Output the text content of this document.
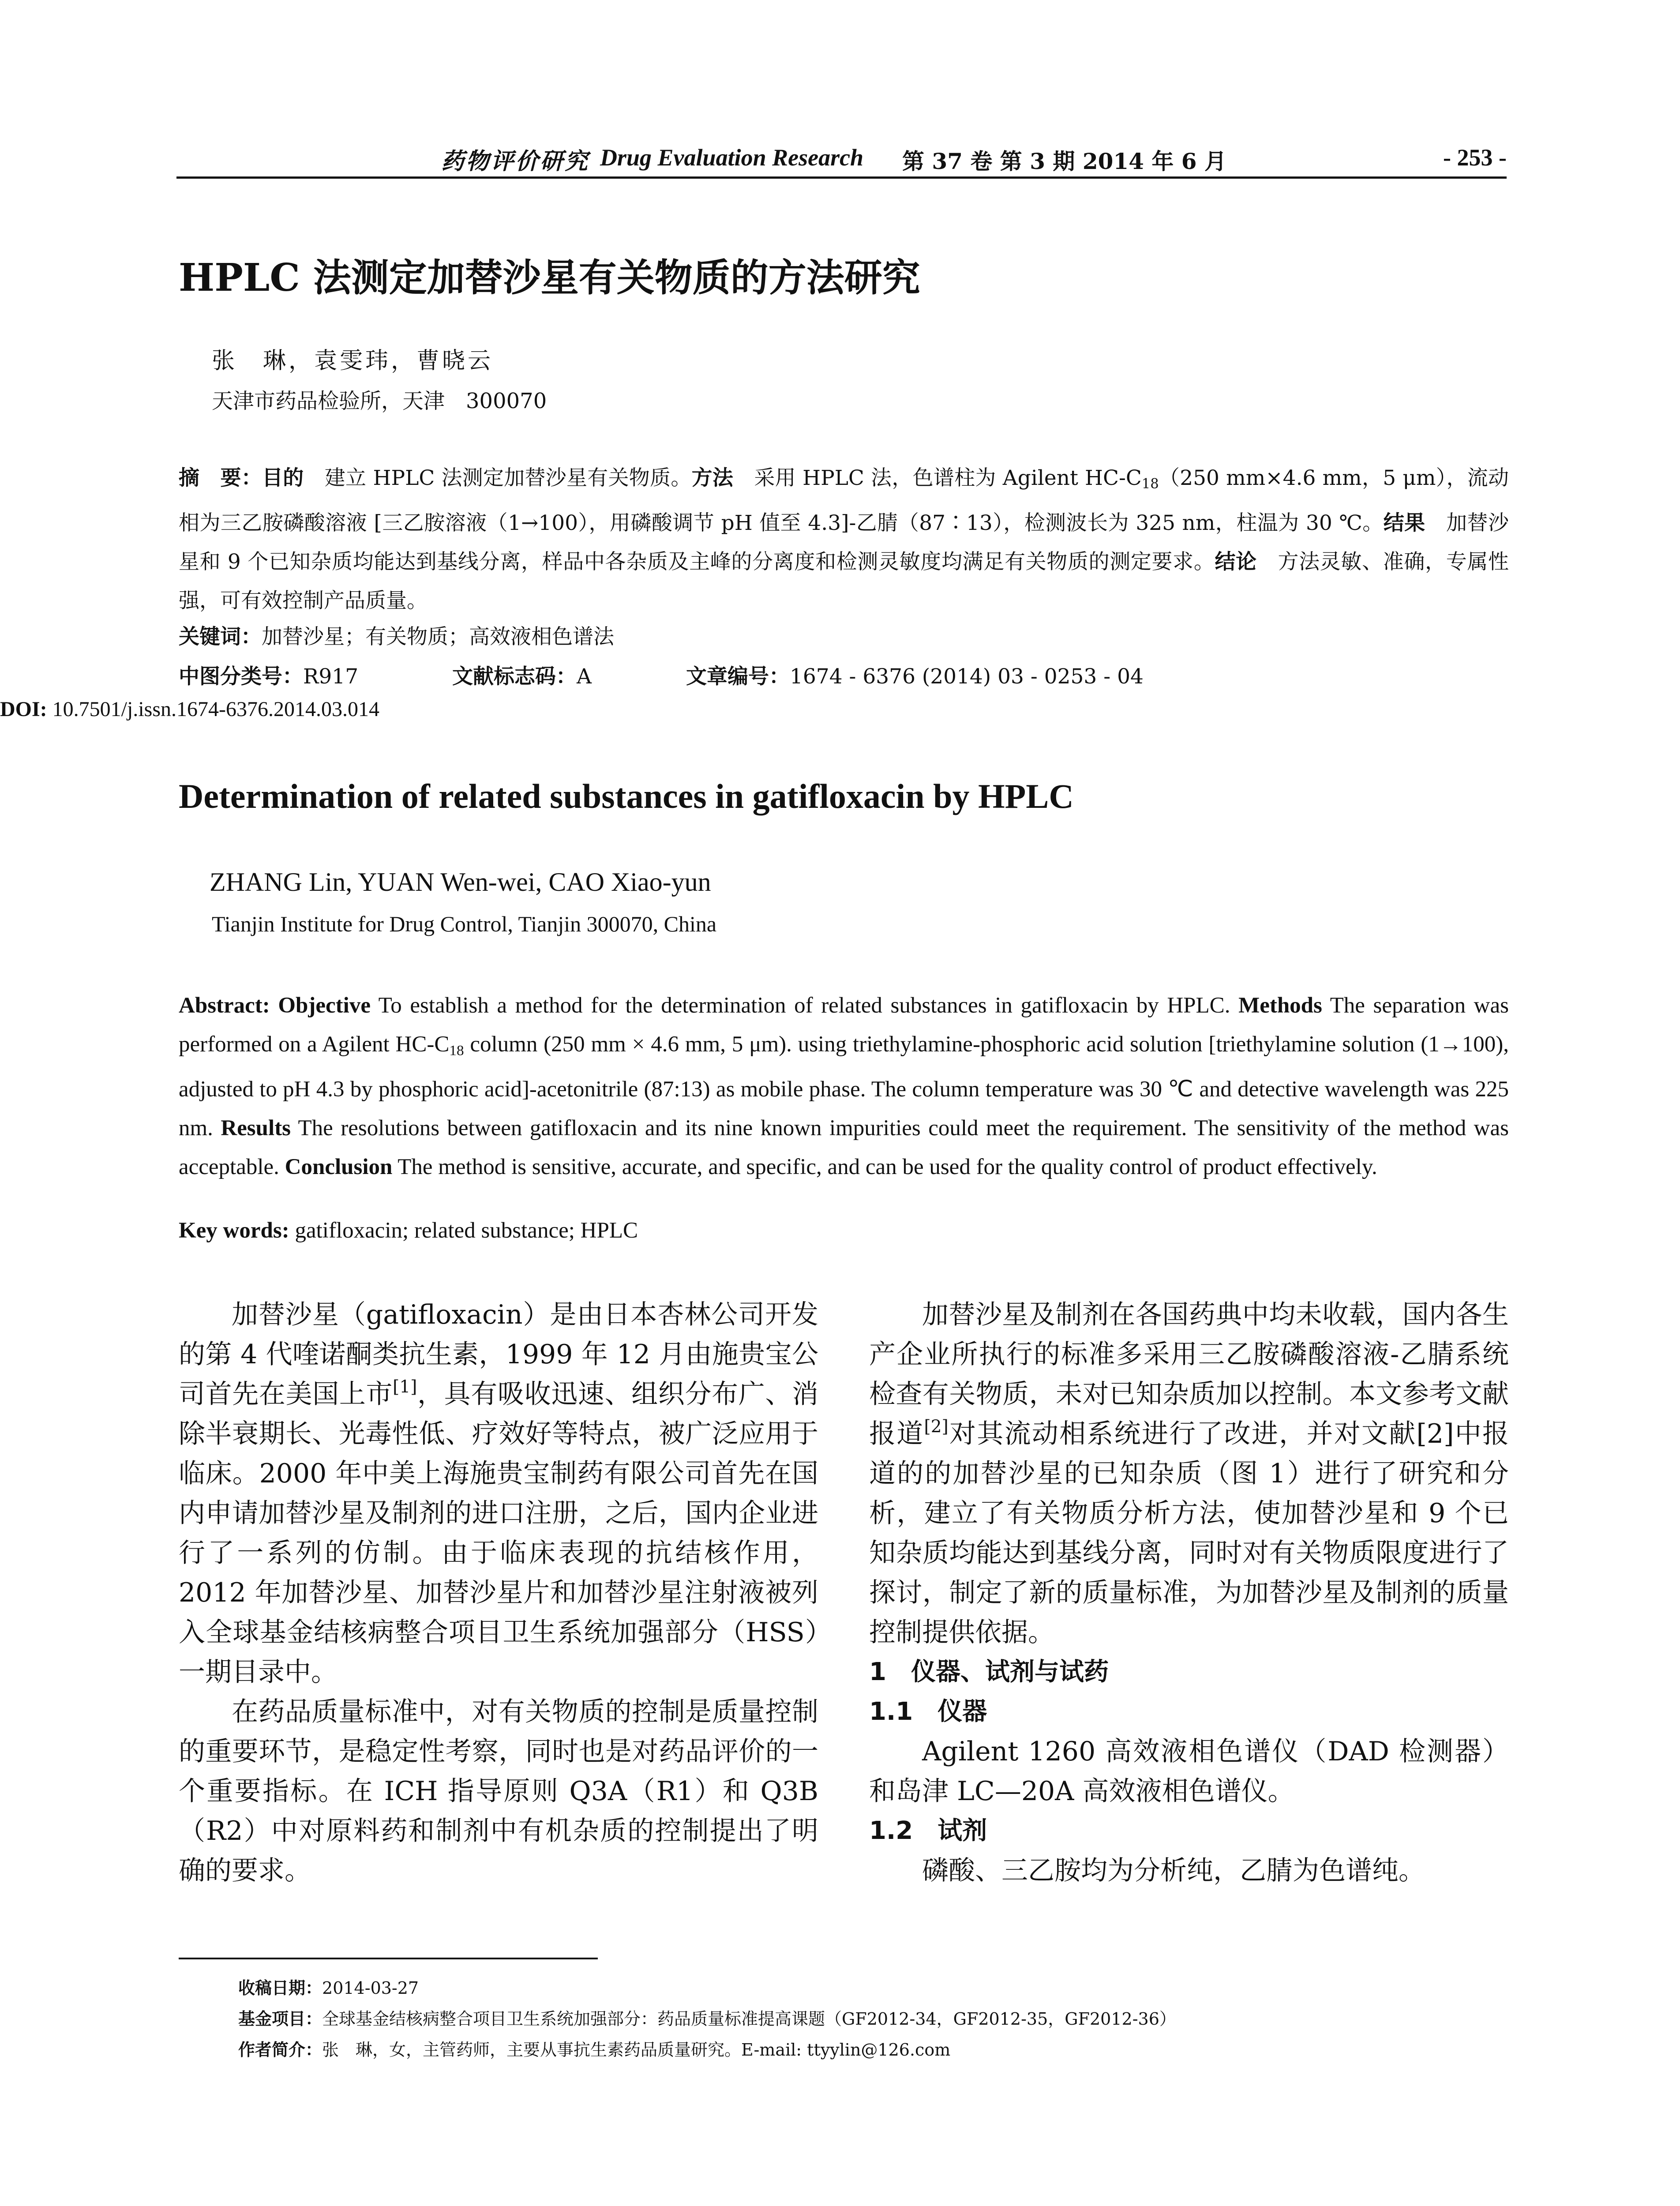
药物评价研究 Drug Evaluation Research 第 37 卷 第 3 期 2014 年 6 月	- 253 -
HPLC 法测定加替沙星有关物质的方法研究
张　琳，袁雯玮，曹晓云
天津市药品检验所，天津　300070
摘　要：目的　建立 HPLC 法测定加替沙星有关物质。方法　采用 HPLC 法，色谱柱为 Agilent $HC-C_{18}(250$ mm×4.6 mm，5 μm），流动相为三乙胺磷酸溶液 [三乙胺溶液（1→100），用磷酸调节 pH 值至 4.3]-乙腈（87∶13），检测波长为 325 nm，柱温为 30 ℃。结果　加替沙星和 9 个已知杂质均能达到基线分离，样品中各杂质及主峰的分离度和检测灵敏度均满足有关物质的测定要求。结论　方法灵敏、准确，专属性强，可有效控制产品质量。
关键词：加替沙星；有关物质；高效液相色谱法
中图分类号：R917	文献标志码：A	文章编号：1674 - 6376 (2014) 03 - 0253 - 04
DOI: 10.7501/j.issn.1674-6376.2014.03.014
Determination of related substances in gatifloxacin by HPLC
ZHANG Lin, YUAN Wen-wei, CAO Xiao-yun
Tianjin Institute for Drug Control, Tianjin 300070, China
Abstract: Objective To establish a method for the determination of related substances in gatifloxacin by HPLC. Methods The separation was performed on a Agilent $HC-C_{18}$ column (250 mm × 4.6 mm, 5 μm). using triethylamine-phosphoric acid solution [triethylamine solution (1→100), adjusted to pH 4.3 by phosphoric acid]-acetonitrile (87:13) as mobile phase. The column temperature was 30 ℃ and detective wavelength was 225 nm. Results The resolutions between gatifloxacin and its nine known impurities could meet the requirement. The sensitivity of the method was acceptable. Conclusion The method is sensitive, accurate, and specific, and can be used for the quality control of product effectively.
Key words: gatifloxacin; related substance; HPLC

加替沙星（gatifloxacin）是由日本杏林公司开发的第 4 代喹诺酮类抗生素，1999 年 12 月由施贵宝公司首先在美国上市[1]，具有吸收迅速、组织分布广、消除半衰期长、光毒性低、疗效好等特点，被广泛应用于临床。2000 年中美上海施贵宝制药有限公司首先在国内申请加替沙星及制剂的进口注册，之后，国内企业进行了一系列的仿制。由于临床表现的抗结核作用，2012 年加替沙星、加替沙星片和加替沙星注射液被列入全球基金结核病整合项目卫生系统加强部分（HSS）一期目录中。

在药品质量标准中，对有关物质的控制是质量控制的重要环节，是稳定性考察，同时也是对药品评价的一个重要指标。在 ICH 指导原则 Q3A（R1）和 Q3B（R2）中对原料药和制剂中有机杂质的控制提出了明确的要求。

加替沙星及制剂在各国药典中均未收载，国内各生产企业所执行的标准多采用三乙胺磷酸溶液-乙腈系统检查有关物质，未对已知杂质加以控制。本文参考文献报道[2]对其流动相系统进行了改进，并对文献[2]中报道的的加替沙星的已知杂质（图 1）进行了研究和分析，建立了有关物质分析方法，使加替沙星和 9 个已知杂质均能达到基线分离，同时对有关物质限度进行了探讨，制定了新的质量标准，为加替沙星及制剂的质量控制提供依据。

1　仪器、试剂与试药
1.1　仪器

Agilent 1260 高效液相色谱仪（DAD 检测器）和岛津 LC—20A 高效液相色谱仪。

1.2　试剂

磷酸、三乙胺均为分析纯，乙腈为色谱纯。

收稿日期：2014-03-27
基金项目：全球基金结核病整合项目卫生系统加强部分：药品质量标准提高课题（GF2012-34，GF2012-35，GF2012-36）
作者简介：张　琳，女，主管药师，主要从事抗生素药品质量研究。E-mail: ttyylin@126.com
